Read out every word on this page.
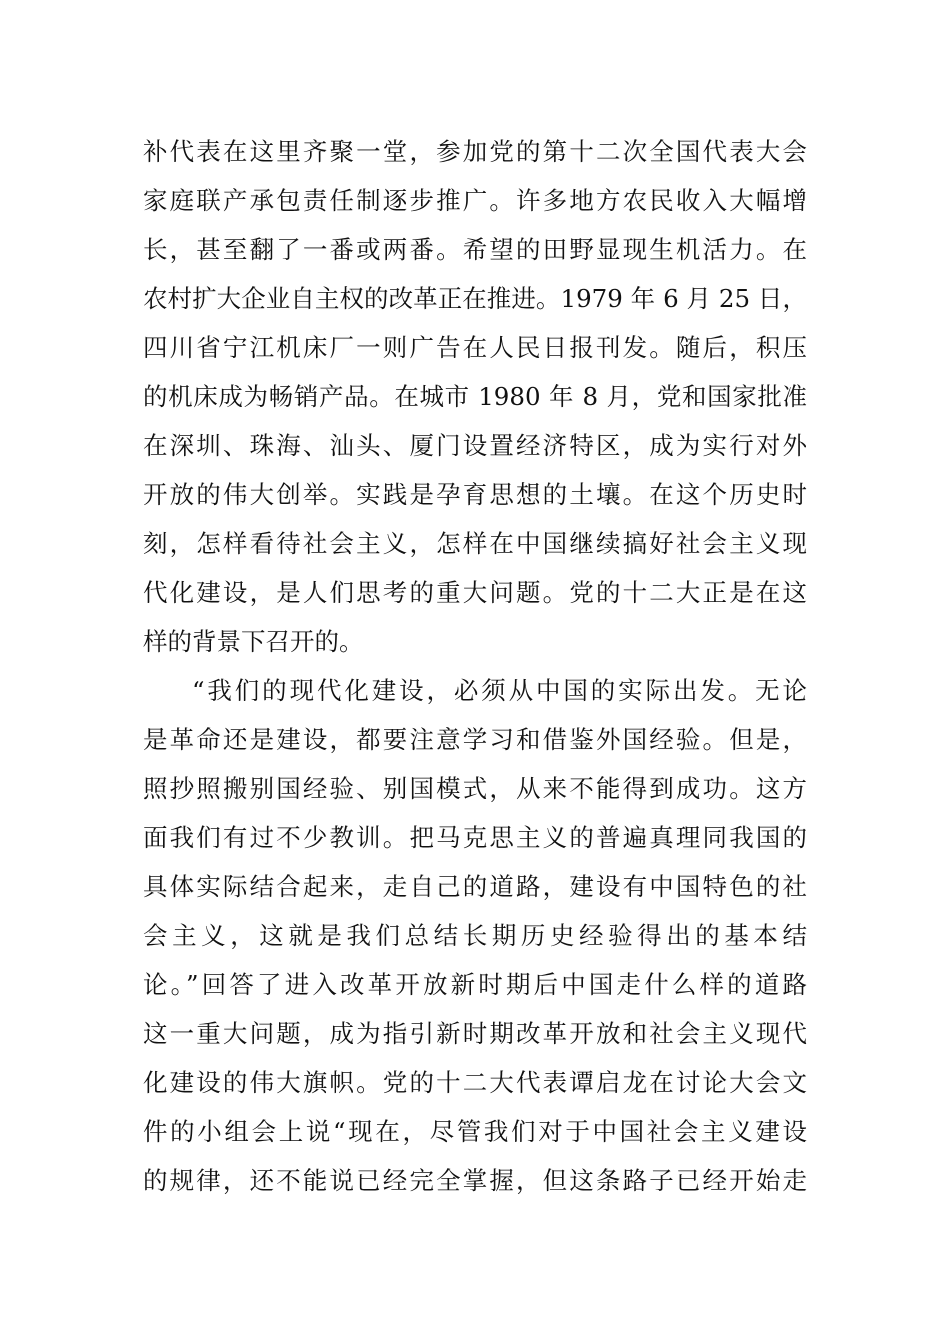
补代表在这里齐聚一堂，参加党的第十二次全国代表大会
家庭联产承包责任制逐步推广。许多地方农民收入大幅增
长，甚至翻了一番或两番。希望的田野显现生机活力。在
农村扩大企业自主权的改革正在推进。1979 年 6 月 25 日，
四川省宁江机床厂一则广告在人民日报刊发。随后，积压
的机床成为畅销产品。在城市 1980 年 8 月，党和国家批准
在深圳、珠海、汕头、厦门设置经济特区，成为实行对外
开放的伟大创举。实践是孕育思想的土壤。在这个历史时
刻，怎样看待社会主义，怎样在中国继续搞好社会主义现
代化建设，是人们思考的重大问题。党的十二大正是在这
样的背景下召开的。
“我们的现代化建设，必须从中国的实际出发。无论
是革命还是建设，都要注意学习和借鉴外国经验。但是，
照抄照搬别国经验、别国模式，从来不能得到成功。这方
面我们有过不少教训。把马克思主义的普遍真理同我国的
具体实际结合起来，走自己的道路，建设有中国特色的社
会主义，这就是我们总结长期历史经验得出的基本结
论。”回答了进入改革开放新时期后中国走什么样的道路
这一重大问题，成为指引新时期改革开放和社会主义现代
化建设的伟大旗帜。党的十二大代表谭启龙在讨论大会文
件的小组会上说“现在，尽管我们对于中国社会主义建设
的规律，还不能说已经完全掌握，但这条路子已经开始走
